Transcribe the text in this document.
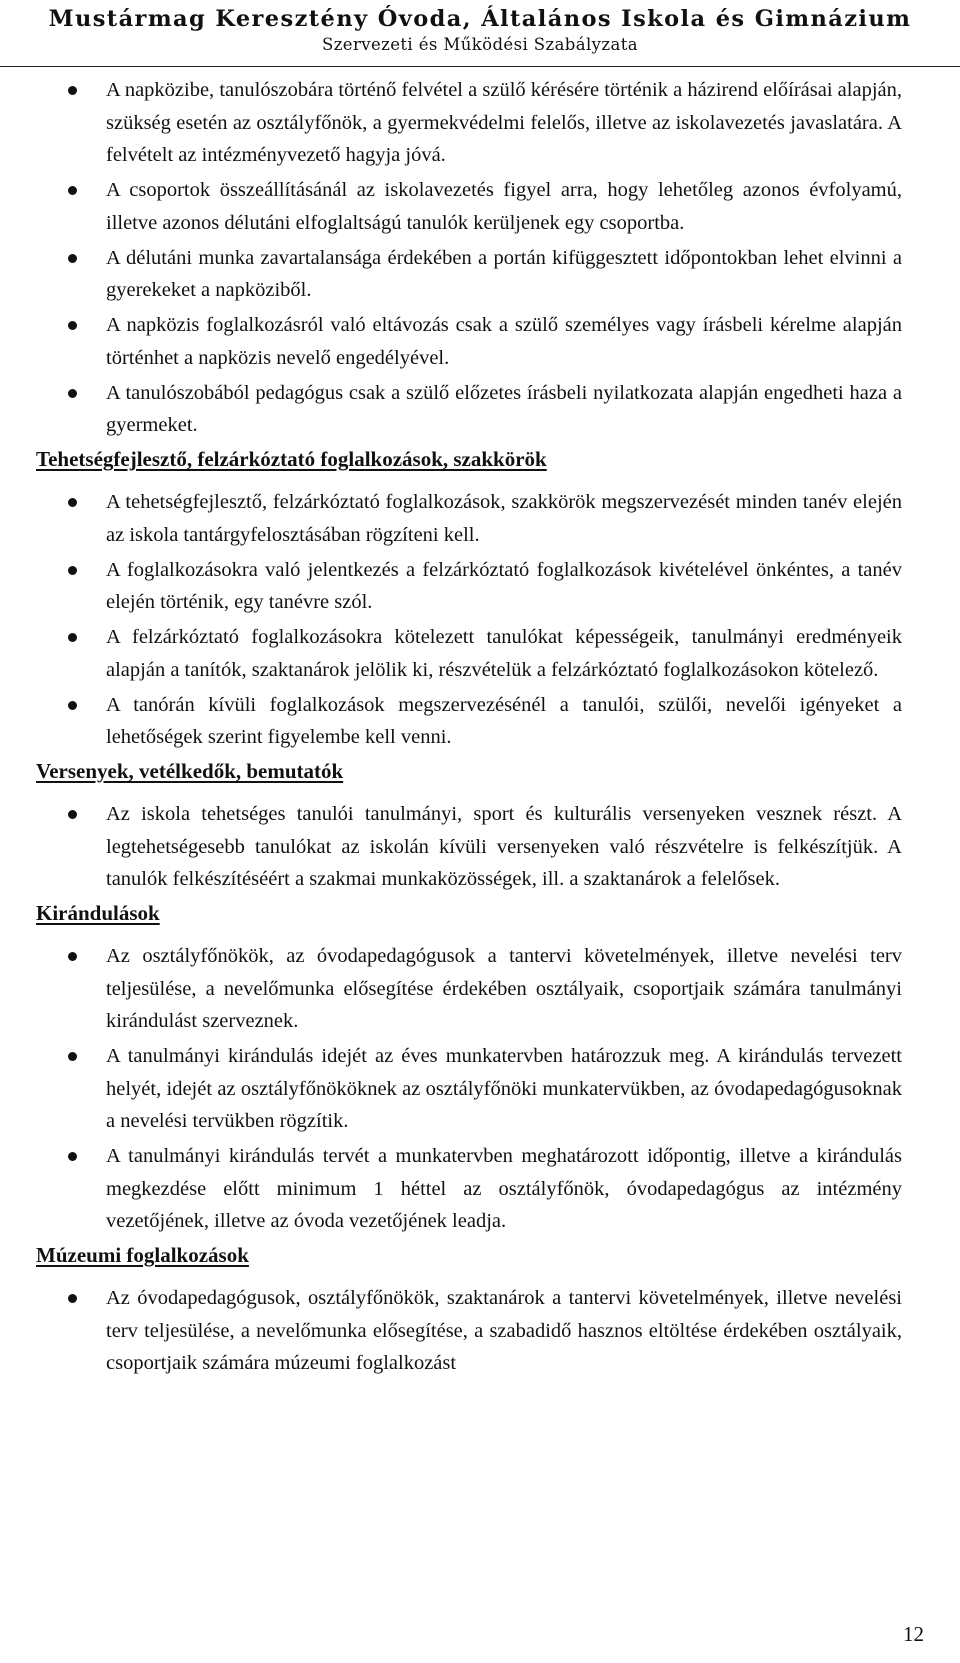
Mustármag Keresztény Óvoda, Általános Iskola és Gimnázium
Szervezeti és Működési Szabályzata
A napközibe, tanulószobára történő felvétel a szülő kérésére történik a házirend előírásai alapján, szükség esetén az osztályfőnök, a gyermekvédelmi felelős, illetve az iskolavezetés javaslatára. A felvételt az intézményvezető hagyja jóvá.
A csoportok összeállításánál az iskolavezetés figyel arra, hogy lehetőleg azonos évfolyamú, illetve azonos délutáni elfoglaltságú tanulók kerüljenek egy csoportba.
A délutáni munka zavartalansága érdekében a portán kifüggesztett időpontokban lehet elvinni a gyerekeket a napköziből.
A napközis foglalkozásról való eltávozás csak a szülő személyes vagy írásbeli kérelme alapján történhet a napközis nevelő engedélyével.
A tanulószobából pedagógus csak a szülő előzetes írásbeli nyilatkozata alapján engedheti haza a gyermeket.
Tehetségfejlesztő, felzárkóztató foglalkozások, szakkörök
A tehetségfejlesztő, felzárkóztató foglalkozások, szakkörök megszervezését minden tanév elején az iskola tantárgyfelosztásában rögzíteni kell.
A foglalkozásokra való jelentkezés a felzárkóztató foglalkozások kivételével önkéntes, a tanév elején történik, egy tanévre szól.
A felzárkóztató foglalkozásokra kötelezett tanulókat képességeik, tanulmányi eredményeik alapján a tanítók, szaktanárok jelölik ki, részvételük a felzárkóztató foglalkozásokon kötelező.
A tanórán kívüli foglalkozások megszervezésénél a tanulói, szülői, nevelői igényeket a lehetőségek szerint figyelembe kell venni.
Versenyek, vetélkedők, bemutatók
Az iskola tehetséges tanulói tanulmányi, sport és kulturális versenyeken vesznek részt. A legtehetségesebb tanulókat az iskolán kívüli versenyeken való részvételre is felkészítjük. A tanulók felkészítéséért a szakmai munkaközösségek, ill. a szaktanárok a felelősek.
Kirándulások
Az osztályfőnökök, az óvodapedagógusok a tantervi követelmények, illetve nevelési terv teljesülése, a nevelőmunka elősegítése érdekében osztályaik, csoportjaik számára tanulmányi kirándulást szerveznek.
A tanulmányi kirándulás idejét az éves munkatervben határozzuk meg. A kirándulás tervezett helyét, idejét az osztályfőnököknek az osztályfőnöki munkatervükben, az óvodapedagógusoknak a nevelési tervükben rögzítik.
A tanulmányi kirándulás tervét a munkatervben meghatározott időpontig, illetve a kirándulás megkezdése előtt minimum 1 héttel az osztályfőnök, óvodapedagógus az intézmény vezetőjének, illetve az óvoda vezetőjének leadja.
Múzeumi foglalkozások
Az óvodapedagógusok, osztályfőnökök, szaktanárok a tantervi követelmények, illetve nevelési terv teljesülése, a nevelőmunka elősegítése, a szabadidő hasznos eltöltése érdekében osztályaik, csoportjaik számára múzeumi foglalkozást
12
